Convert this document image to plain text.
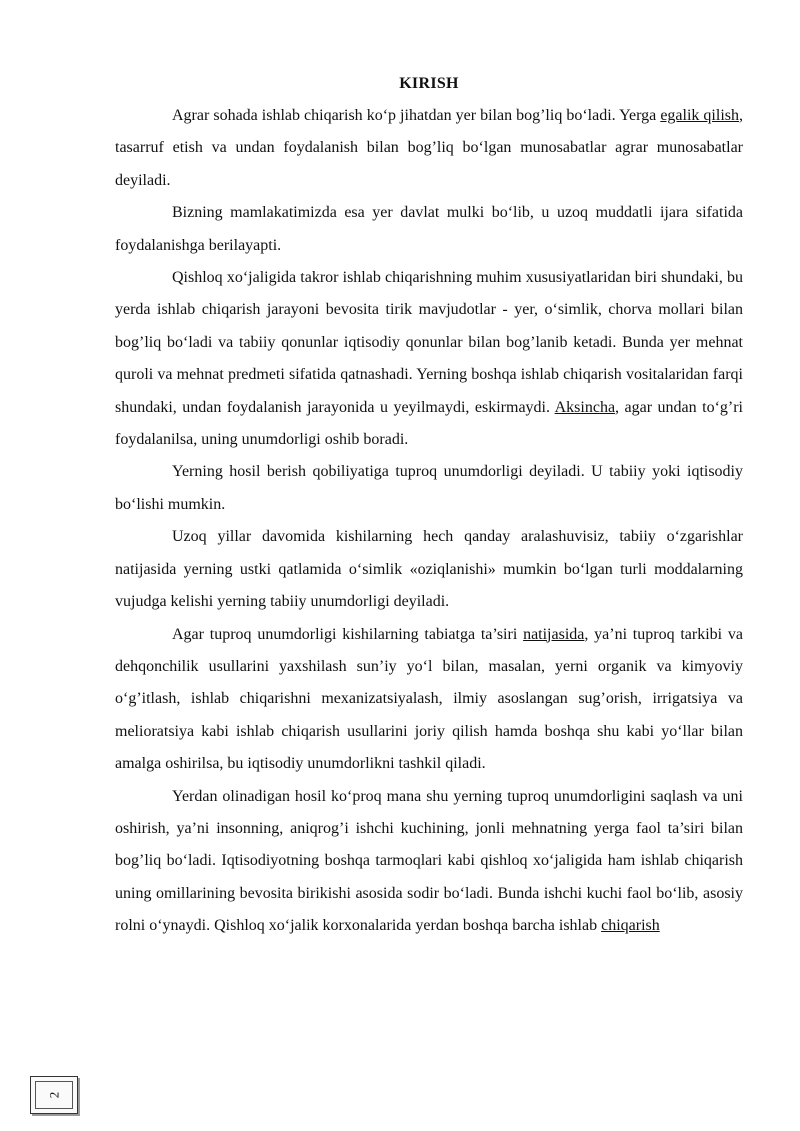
KIRISH

Agrar sohada ishlab chiqarish ko‘p jihatdan yer bilan bog’liq bo‘ladi. Yerga egalik qilish, tasarruf etish va undan foydalanish bilan bog’liq bo‘lgan munosabatlar agrar munosabatlar deyiladi.

Bizning mamlakatimizda esa yer davlat mulki bo‘lib, u uzoq muddatli ijara sifatida foydalanishga berilayapti.

Qishloq xo‘jaligida takror ishlab chiqarishning muhim xususiyatlaridan biri shundaki, bu yerda ishlab chiqarish jarayoni bevosita tirik mavjudotlar - yer, o‘simlik, chorva mollari bilan bog’liq bo‘ladi va tabiiy qonunlar iqtisodiy qonunlar bilan bog’lanib ketadi. Bunda yer mehnat quroli va mehnat predmeti sifatida qatnashadi. Yerning boshqa ishlab chiqarish vositalaridan farqi shundaki, undan foydalanish jarayonida u yeyilmaydi, eskirmaydi. Aksincha, agar undan to‘g’ri foydalanilsa, uning unumdorligi oshib boradi.

Yerning hosil berish qobiliyatiga tuproq unumdorligi deyiladi. U tabiiy yoki iqtisodiy bo‘lishi mumkin.

Uzoq yillar davomida kishilarning hech qanday aralashuvisiz, tabiiy o‘zgarishlar natijasida yerning ustki qatlamida o‘simlik «oziqlanishi» mumkin bo‘lgan turli moddalarning vujudga kelishi yerning tabiiy unumdorligi deyiladi.

Agar tuproq unumdorligi kishilarning tabiatga ta’siri natijasida, ya’ni tuproq tarkibi va dehqonchilik usullarini yaxshilash sun’iy yo‘l bilan, masalan, yerni organik va kimyoviy o‘g’itlash, ishlab chiqarishni mexanizatsiyalash, ilmiy asoslangan sug’orish, irrigatsiya va melioratsiya kabi ishlab chiqarish usullarini joriy qilish hamda boshqa shu kabi yo‘llar bilan amalga oshirilsa, bu iqtisodiy unumdorlikni tashkil qiladi.

Yerdan olinadigan hosil ko‘proq mana shu yerning tuproq unumdorligini saqlash va uni oshirish, ya’ni insonning, aniqrog’i ishchi kuchining, jonli mehnatning yerga faol ta’siri bilan bog’liq bo‘ladi. Iqtisodiyotning boshqa tarmoqlari kabi qishloq xo‘jaligida ham ishlab chiqarish uning omillarining bevosita birikishi asosida sodir bo‘ladi. Bunda ishchi kuchi faol bo‘lib, asosiy rolni o‘ynaydi. Qishloq xo‘jalik korxonalarida yerdan boshqa barcha ishlab chiqarish

2
